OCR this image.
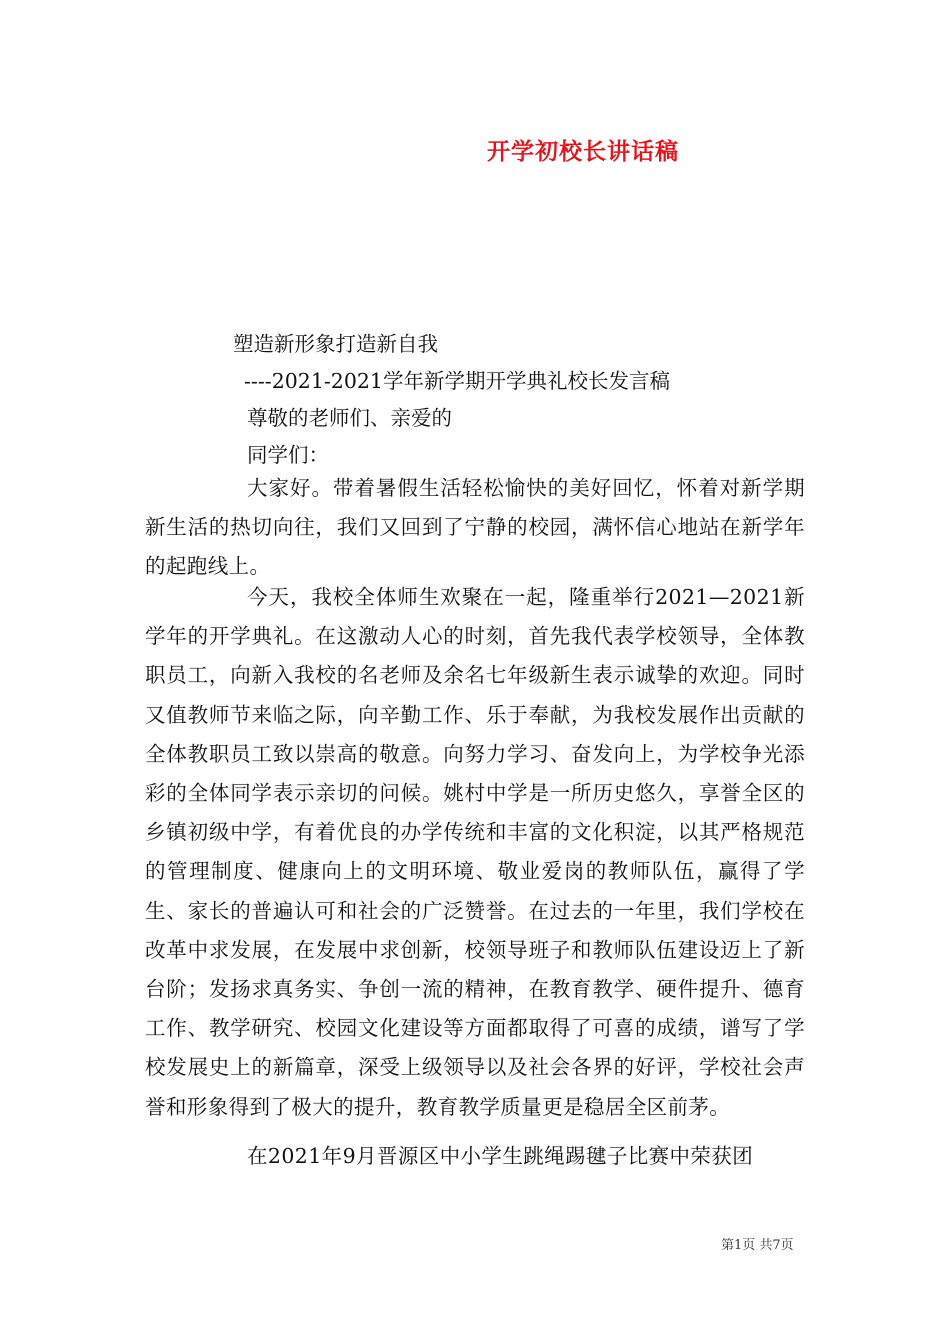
开学初校长讲话稿
塑造新形象打造新自我
----2021-2021学年新学期开学典礼校长发言稿
尊敬的老师们、亲爱的
同学们：
大家好。带着暑假生活轻松愉快的美好回忆，怀着对新学期新生活的热切向往，我们又回到了宁静的校园，满怀信心地站在新学年的起跑线上。
今天，我校全体师生欢聚在一起，隆重举行2021—2021新学年的开学典礼。在这激动人心的时刻，首先我代表学校领导，全体教职员工，向新入我校的名老师及余名七年级新生表示诚挚的欢迎。同时又值教师节来临之际，向辛勤工作、乐于奉献，为我校发展作出贡献的全体教职员工致以崇高的敬意。向努力学习、奋发向上，为学校争光添彩的全体同学表示亲切的问候。姚村中学是一所历史悠久，享誉全区的乡镇初级中学，有着优良的办学传统和丰富的文化积淀，以其严格规范的管理制度、健康向上的文明环境、敬业爱岗的教师队伍，赢得了学生、家长的普遍认可和社会的广泛赞誉。在过去的一年里，我们学校在改革中求发展，在发展中求创新，校领导班子和教师队伍建设迈上了新台阶；发扬求真务实、争创一流的精神，在教育教学、硬件提升、德育工作、教学研究、校园文化建设等方面都取得了可喜的成绩，谱写了学校发展史上的新篇章，深受上级领导以及社会各界的好评，学校社会声誉和形象得到了极大的提升，教育教学质量更是稳居全区前茅。
在2021年9月晋源区中小学生跳绳踢毽子比赛中荣获团
第1页 共7页
